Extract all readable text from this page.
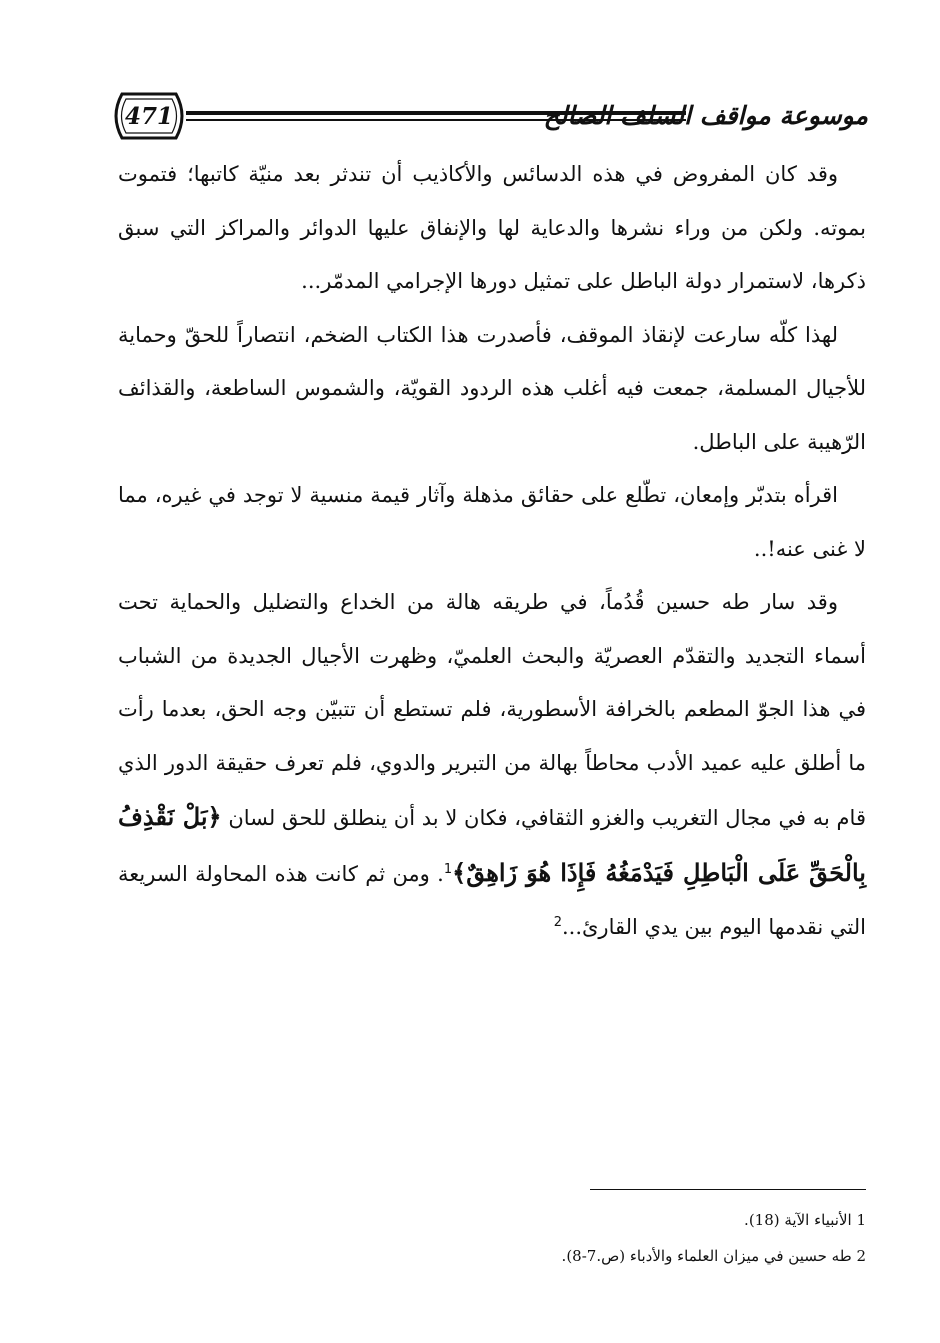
471	موسوعة مواقف السلف الصالح

وقد كان المفروض في هذه الدسائس والأكاذيب أن تندثر بعد منيّة كاتبها؛ فتموت بموته. ولكن من وراء نشرها والدعاية لها والإنفاق عليها الدوائر والمراكز التي سبق ذكرها، لاستمرار دولة الباطل على تمثيل دورها الإجرامي المدمّر...

لهذا كلّه سارعت لإنقاذ الموقف، فأصدرت هذا الكتاب الضخم، انتصاراً للحقّ وحماية للأجيال المسلمة، جمعت فيه أغلب هذه الردود القويّة، والشموس الساطعة، والقذائف الرّهيبة على الباطل.

اقرأه بتدبّر وإمعان، تطّلع على حقائق مذهلة وآثار قيمة منسية لا توجد في غيره، مما لا غنى عنه!..

وقد سار طه حسين قُدُماً، في طريقه هالة من الخداع والتضليل والحماية تحت أسماء التجديد والتقدّم العصريّة والبحث العلميّ، وظهرت الأجيال الجديدة من الشباب في هذا الجوّ المطعم بالخرافة الأسطورية، فلم تستطع أن تتبيّن وجه الحق، بعدما رأت ما أطلق عليه عميد الأدب محاطاً بهالة من التبرير والدوي، فلم تعرف حقيقة الدور الذي قام به في مجال التغريب والغزو الثقافي، فكان لا بد أن ينطلق للحق لسان ﴿بَلْ نَقْذِفُ بِالْحَقِّ عَلَى الْبَاطِلِ فَيَدْمَغُهُ فَإِذَا هُوَ زَاهِقٌ﴾$^1$. ومن ثم كانت هذه المحاولة السريعة التي نقدمها اليوم بين يدي القارئ...$^2$

1 الأنبياء الآية (18).

2 طه حسين في ميزان العلماء والأدباء (ص.7-8).
